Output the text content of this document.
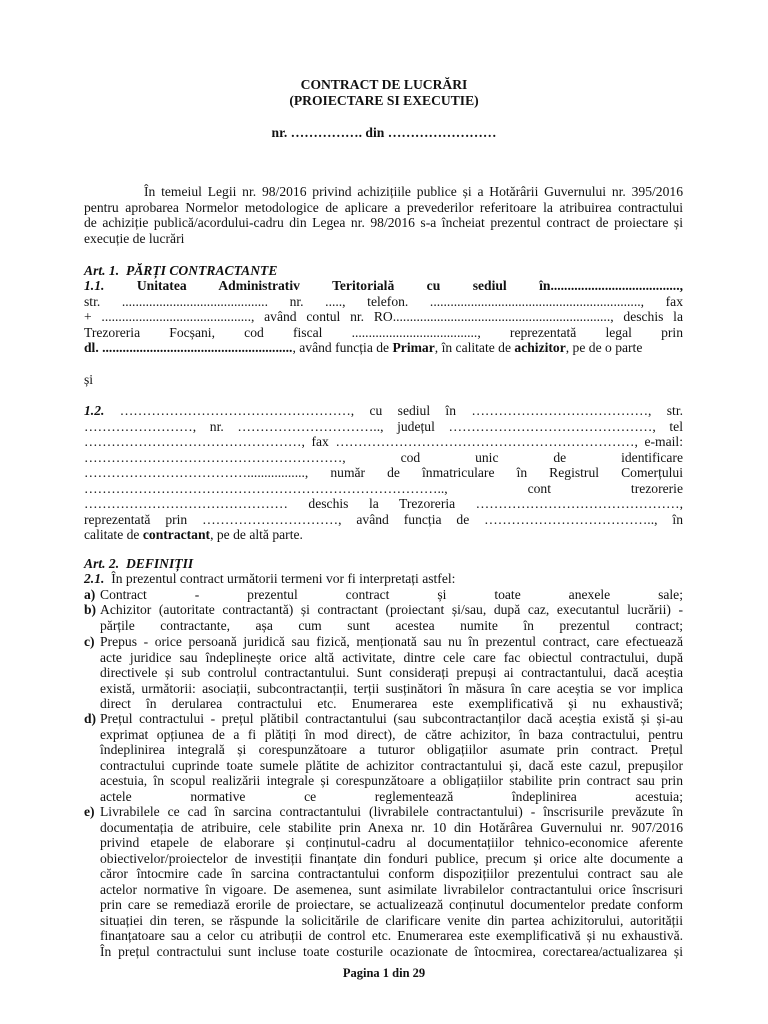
CONTRACT DE LUCRĂRI
(PROIECTARE SI EXECUTIE)
nr. ……………. din ……………………
În temeiul Legii nr. 98/2016 privind achizițiile publice și a Hotărârii Guvernului nr. 395/2016
pentru aprobarea Normelor metodologice de aplicare a prevederilor referitoare la atribuirea contractului
de achiziție publică/acordului-cadru din Legea nr. 98/2016 s-a încheiat prezentul contract de proiectare și
execuție de lucrări
Art. 1. PĂRȚI CONTRACTANTE
1.1. Unitatea Administrativ Teritorială cu sediul în......................................,
str. ........................................... nr. ....., telefon. .............................................................., fax
+ ............................................, având contul nr. RO................................................................, deschis la
Trezoreria Focșani, cod fiscal ....................................., reprezentată legal prin
dl. ........................................................, având funcția de Primar, în calitate de achizitor, pe de o parte
și
1.2. ……………………………………………, cu sediul în …………………………………, str.
……………………, nr. ………………………….., județul ………………………………………, tel
…………………………………………, fax …………………………………………………………, e-mail:
…………………………………………………, cod unic de identificare
………………………………................., număr de înmatriculare în Registrul Comerțului
…………………………………………………………………….., cont trezorerie
……………………………………… deschis la Trezoreria ………………………………………,
reprezentată prin …………………………, având funcția de ……………………………….., în
calitate de contractant, pe de altă parte.
Art. 2. DEFINIȚII
2.1. În prezentul contract următorii termeni vor fi interpretați astfel:
a) Contract - prezentul contract și toate anexele sale;
b) Achizitor (autoritate contractantă) și contractant (proiectant și/sau, după caz, executantul lucrării) -
părțile contractante, așa cum sunt acestea numite în prezentul contract;
c) Prepus - orice persoană juridică sau fizică, menționată sau nu în prezentul contract, care efectuează
acte juridice sau îndeplinește orice altă activitate, dintre cele care fac obiectul contractului, după
directivele și sub controlul contractantului. Sunt considerați prepuși ai contractantului, dacă aceștia
există, următorii: asociații, subcontractanții, terții susținători în măsura în care aceștia se vor implica
direct în derularea contractului etc. Enumerarea este exemplificativă și nu exhaustivă;
d) Prețul contractului - prețul plătibil contractantului (sau subcontractanților dacă aceștia există și și-au
exprimat opțiunea de a fi plătiți în mod direct), de către achizitor, în baza contractului, pentru
îndeplinirea integrală și corespunzătoare a tuturor obligațiilor asumate prin contract. Prețul
contractului cuprinde toate sumele plătite de achizitor contractantului și, dacă este cazul, prepușilor
acestuia, în scopul realizării integrale și corespunzătoare a obligațiilor stabilite prin contract sau prin
actele normative ce reglementează îndeplinirea acestuia;
e) Livrabilele ce cad în sarcina contractantului (livrabilele contractantului) - înscrisurile prevăzute în
documentația de atribuire, cele stabilite prin Anexa nr. 10 din Hotărârea Guvernului nr. 907/2016
privind etapele de elaborare și conținutul-cadru al documentațiilor tehnico-economice aferente
obiectivelor/proiectelor de investiții finanțate din fonduri publice, precum și orice alte documente a
căror întocmire cade în sarcina contractantului conform dispozițiilor prezentului contract sau ale
actelor normative în vigoare. De asemenea, sunt asimilate livrabilelor contractantului orice înscrisuri
prin care se remediază erorile de proiectare, se actualizează conținutul documentelor predate conform
situației din teren, se răspunde la solicitările de clarificare venite din partea achizitorului, autorității
finanțatoare sau a celor cu atribuții de control etc. Enumerarea este exemplificativă și nu exhaustivă.
În prețul contractului sunt incluse toate costurile ocazionate de întocmirea, corectarea/actualizarea și
Pagina 1 din 29
